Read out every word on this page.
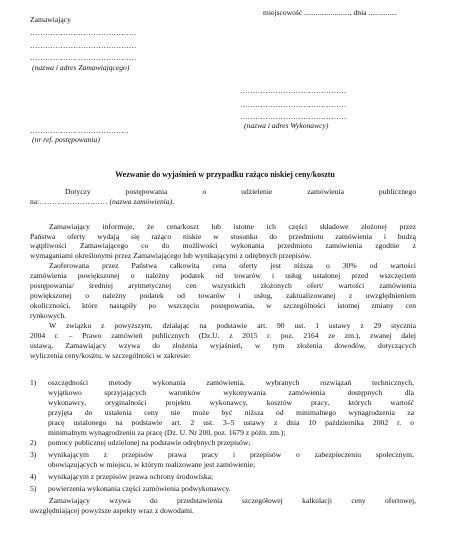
miejscowość ........................, dnia ...............
Zamawiający
……………………………………
……………………………………
……………………………………
(nazwa i adres Zamawiającego)
……………………………………
……………………………………
……………………………………
(nazwa i adres Wykonawcy)
…………………………………
(nr ref. postępowania)
Wezwanie do wyjaśnień w przypadku rażąco niskiej ceny/kosztu
Dotyczy postępowania o udzielenie zamówienia publicznego
na:……………………… (nazwa zamówienia).
Zamawiający informuje, że cena/koszt lub istotne ich części składowe złożonej przez
Państwa oferty wydają się rażąco niskie w stosunku do przedmiotu zamówienia i budzą
wątpliwości Zamawiającego co do możliwości wykonania przedmiotu zamówienia zgodnie z
wymaganiami określonymi przez Zamawiającego lub wynikającymi z odrębnych przepisów.
Zaoferowana przez Państwa całkowita cena oferty jest niższa o 30% od wartości
zamówienia powiększonej o należny podatek od towarów i usług ustalonej przed wszczęciem
postępowania/ średniej arytmetycznej cen wszystkich złożonych ofert/ wartości zamówienia
powiększonej o należny podatek od towarów i usług, zaktualizowanej z uwzględnieniem
okoliczności, które nastąpiły po wszczęciu postępowania, w szczególności istotnej zmiany cen
rynkowych.
W związku z powyższym, działając na podstawie art. 90 ust. 1 ustawy z 29 stycznia
2004 r. – Prawo zamówień publicznych (Dz.U. z 2015 r. poz. 2164 ze zm.), zwanej dalej
ustawą, Zamawiający wzywa do złożenia wyjaśnień, w tym złożenia dowodów, dotyczących
wyliczenia ceny/kosztu, w szczególności w zakresie:
1) oszczędności metody wykonania zamówienia, wybranych rozwiązań technicznych,
wyjątkowo sprzyjających warunków wykonywania zamówienia dostępnych dla
wykonawcy, oryginalności projektu wykonawcy, kosztów pracy, których wartość
przyjęta do ustalenia ceny nie może być niższa od minimalnego wynagrodzenia za
pracę ustalonego na podstawie art. 2 ust. 3–5 ustawy z dnia 10 października 2002 r. o
minimalnym wynagrodzeniu za pracę (Dz. U. Nr 200, poz. 1679 z późn. zm.);
2) pomocy publicznej udzielonej na podstawie odrębnych przepisów;
3) wynikającym z przepisów prawa pracy i przepisów o zabezpieczeniu społecznym,
obowiązujących w miejscu, w którym realizowane jest zamówienie;
4) wynikającym z przepisów prawa ochrony środowiska;
5) powierzenia wykonania części zamówienia podwykonawcy.
Zamawiający wzywa do przedstawienia szczegółowej kalkulacji ceny ofertowej,
uwzględniającej powyższe aspekty wraz z dowodami.
